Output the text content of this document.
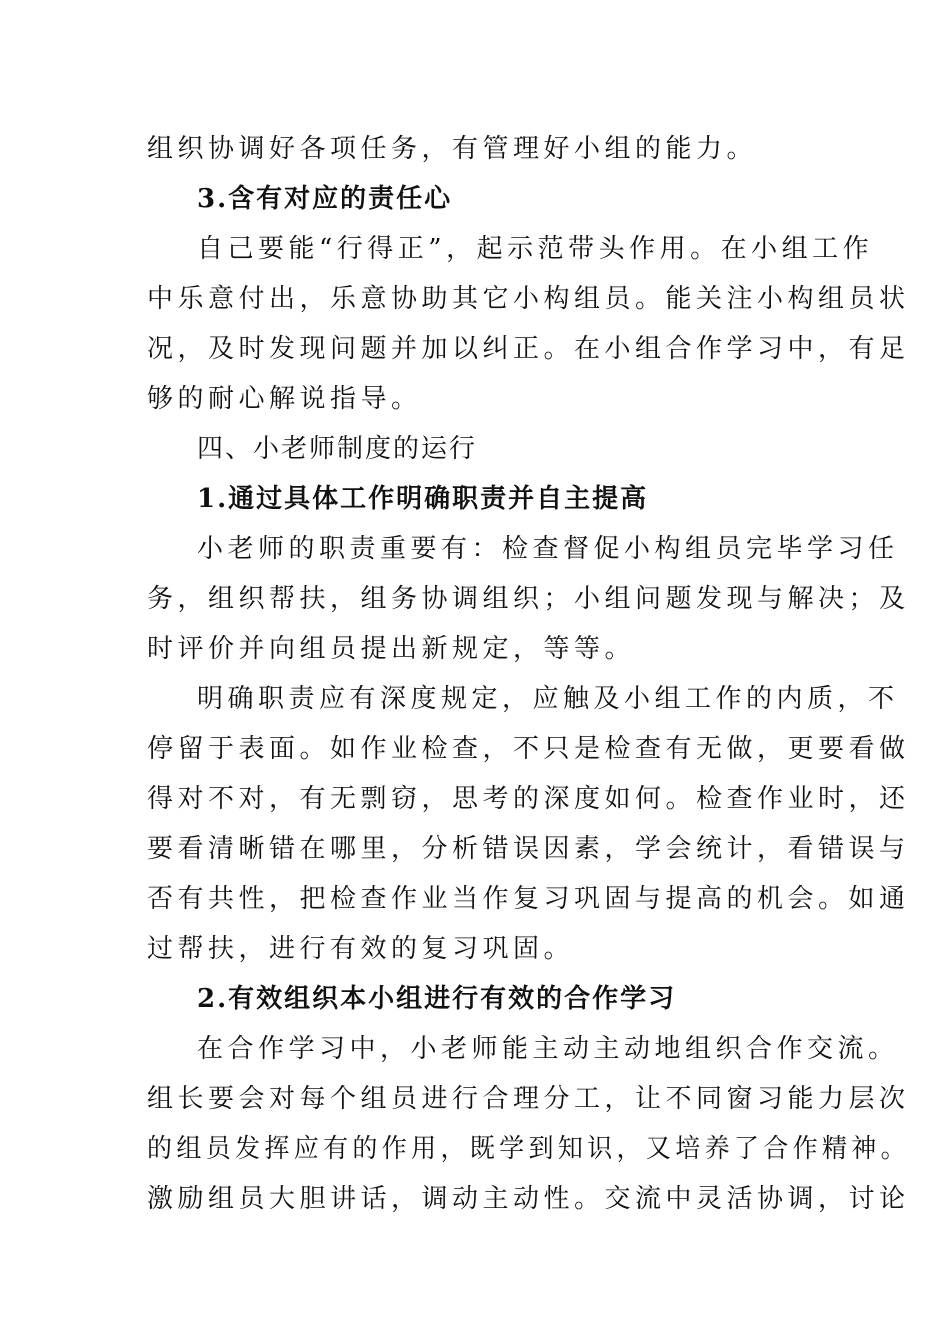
组织协调好各项任务，有管理好小组的能力。
3.含有对应的责任心
自己要能“行得正”，起示范带头作用。在小组工作
中乐意付出，乐意协助其它小构组员。能关注小构组员状
况，及时发现问题并加以纠正。在小组合作学习中，有足
够的耐心解说指导。
四、小老师制度的运行
1.通过具体工作明确职责并自主提高
小老师的职责重要有：检查督促小构组员完毕学习任
务，组织帮扶，组务协调组织；小组问题发现与解决；及
时评价并向组员提出新规定，等等。
明确职责应有深度规定，应触及小组工作的内质，不
停留于表面。如作业检查，不只是检查有无做，更要看做
得对不对，有无剽窃，思考的深度如何。检查作业时，还
要看清晰错在哪里，分析错误因素，学会统计，看错误与
否有共性，把检查作业当作复习巩固与提高的机会。如通
过帮扶，进行有效的复习巩固。
2.有效组织本小组进行有效的合作学习
在合作学习中，小老师能主动主动地组织合作交流。
组长要会对每个组员进行合理分工，让不同窗习能力层次
的组员发挥应有的作用，既学到知识，又培养了合作精神。
激励组员大胆讲话，调动主动性。交流中灵活协调，讨论
